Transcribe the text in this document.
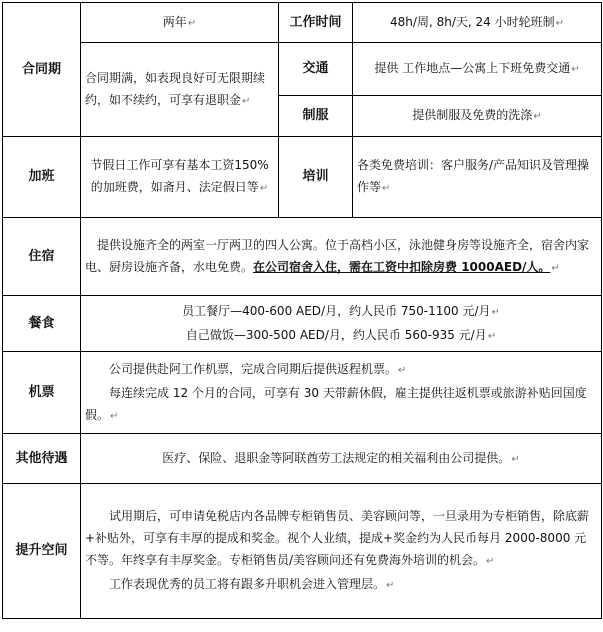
合同期	两年↵	工作时间	48h/周, 8h/天, 24 小时轮班制↵
	合同期满，如表现良好可无限期续约，如不续约，可享有退职金↵	交通	提供 工作地点—公寓上下班免费交通↵
		制服	提供制服及免费的洗涤↵
加班	节假日工作可享有基本工资150%的加班费，如斋月、法定假日等↵	培训	各类免费培训：客户服务/产品知识及管理操作等↵
住宿	提供设施齐全的两室一厅两卫的四人公寓。位于高档小区，泳池健身房等设施齐全，宿舍内家电、厨房设施齐备，水电免费。在公司宿舍入住，需在工资中扣除房费 1000AED/人。↵		

餐食	员工餐厅—400-600 AED/月，约人民币 750-1100 元/月↵

自己做饭—300-500 AED/月，约人民币 560-935 元/月↵		

机票	公司提供赴阿工作机票，完成合同期后提供返程机票。↵

每连续完成 12 个月的合同，可享有 30 天带薪休假，雇主提供往返机票或旅游补贴回国度假。↵		

其他待遇	医疗、保险、退职金等阿联酋劳工法规定的相关福利由公司提供。↵		
提升空间	试用期后，可申请免税店内各品牌专柜销售员、美容顾问等，一旦录用为专柜销售，除底薪+补贴外，可享有丰厚的提成和奖金。视个人业绩，提成+奖金约为人民币每月 2000-8000 元不等。年终享有丰厚奖金。专柜销售员/美容顾问还有免费海外培训的机会。↵

工作表现优秀的员工将有跟多升职机会进入管理层。↵		
